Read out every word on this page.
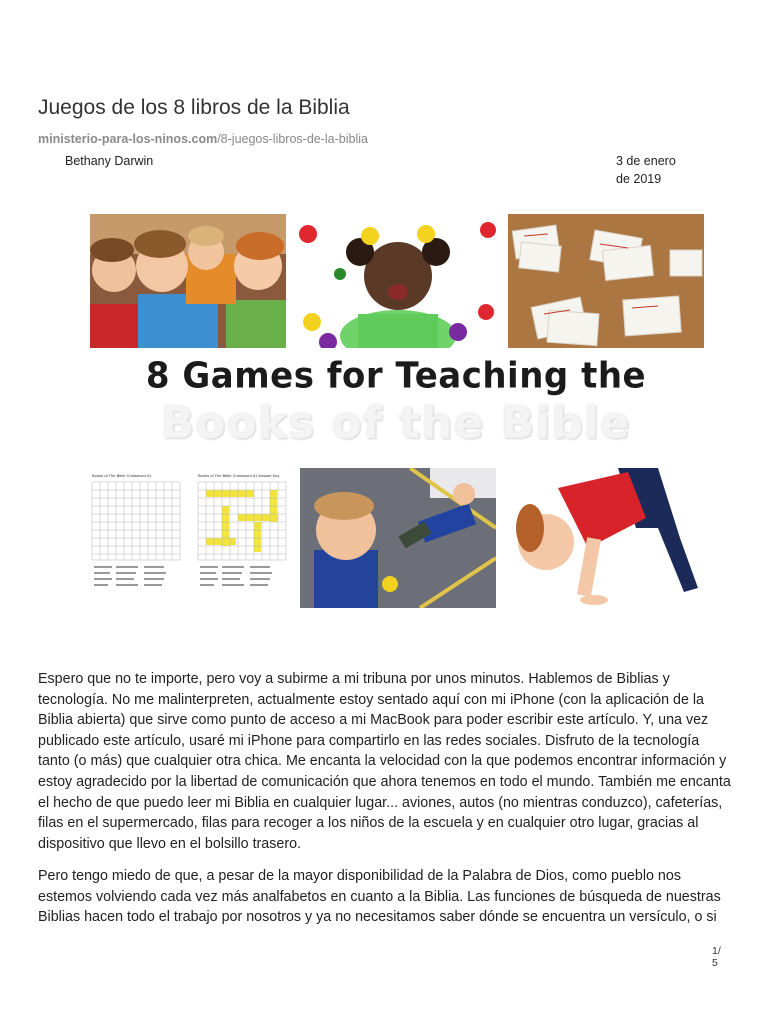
Juegos de los 8 libros de la Biblia
ministerio-para-los-ninos.com/8-juegos-libros-de-la-biblia
Bethany Darwin	3 de enero
de 2019
8 Games for Teaching the
Books of the Bible
Books of The Bible Crossword #1	Books of The Bible Crossword #1 Answer Key

Espero que no te importe, pero voy a subirme a mi tribuna por unos minutos. Hablemos de Biblias y tecnología. No me malinterpreten, actualmente estoy sentado aquí con mi iPhone (con la aplicación de la Biblia abierta) que sirve como punto de acceso a mi MacBook para poder escribir este artículo. Y, una vez publicado este artículo, usaré mi iPhone para compartirlo en las redes sociales. Disfruto de la tecnología tanto (o más) que cualquier otra chica. Me encanta la velocidad con la que podemos encontrar información y estoy agradecido por la libertad de comunicación que ahora tenemos en todo el mundo. También me encanta el hecho de que puedo leer mi Biblia en cualquier lugar... aviones, autos (no mientras conduzco), cafeterías, filas en el supermercado, filas para recoger a los niños de la escuela y en cualquier otro lugar, gracias al dispositivo que llevo en el bolsillo trasero.

Pero tengo miedo de que, a pesar de la mayor disponibilidad de la Palabra de Dios, como pueblo nos estemos volviendo cada vez más analfabetos en cuanto a la Biblia. Las funciones de búsqueda de nuestras Biblias hacen todo el trabajo por nosotros y ya no necesitamos saber dónde se encuentra un versículo, o si

1/5
